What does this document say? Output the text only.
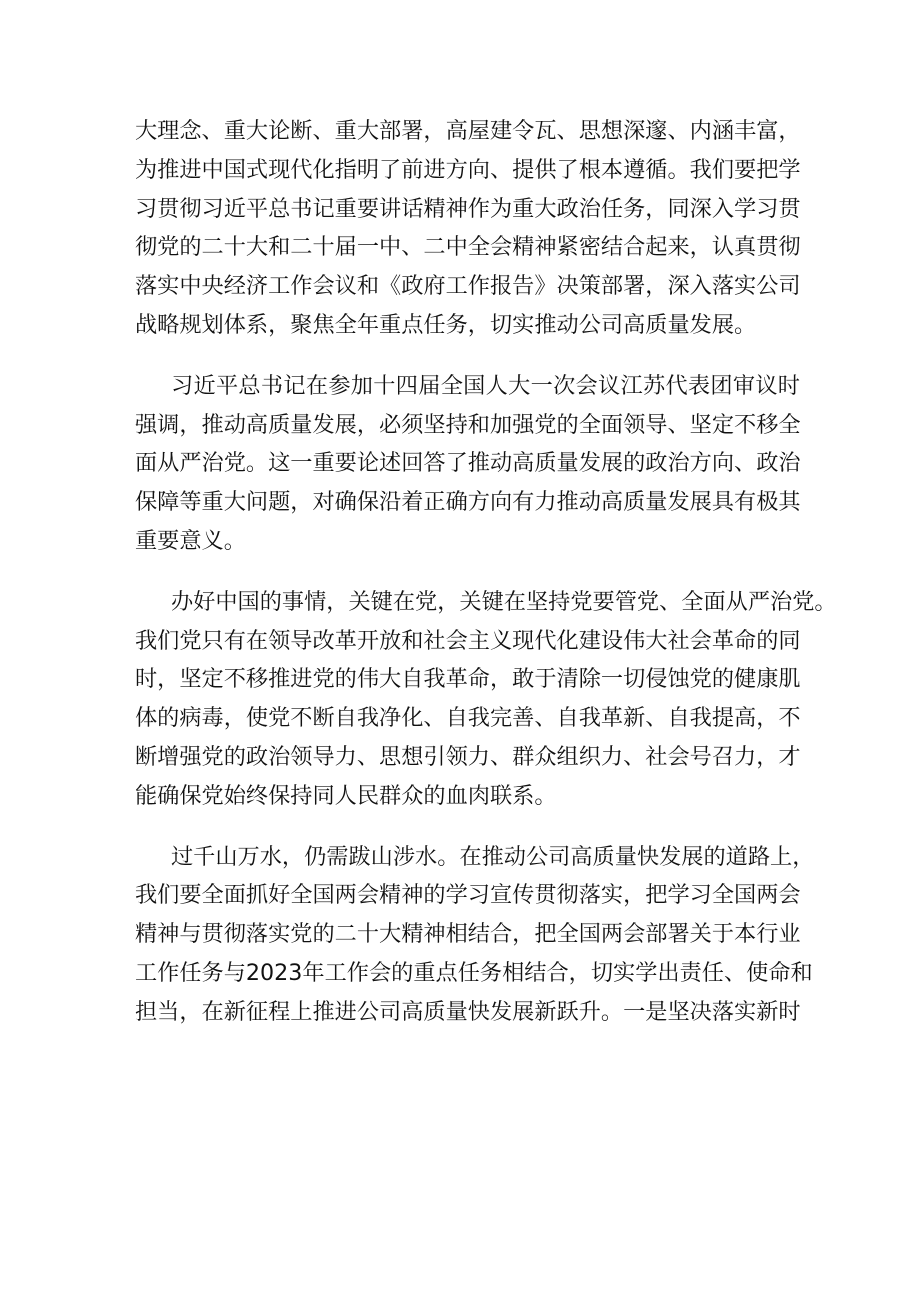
大理念、重大论断、重大部署，高屋建令瓦、思想深邃、内涵丰富，
为推进中国式现代化指明了前进方向、提供了根本遵循。我们要把学
习贯彻习近平总书记重要讲话精神作为重大政治任务，同深入学习贯
彻党的二十大和二十届一中、二中全会精神紧密结合起来，认真贯彻
落实中央经济工作会议和《政府工作报告》决策部署，深入落实公司
战略规划体系，聚焦全年重点任务，切实推动公司高质量发展。
习近平总书记在参加十四届全国人大一次会议江苏代表团审议时
强调，推动高质量发展，必须坚持和加强党的全面领导、坚定不移全
面从严治党。这一重要论述回答了推动高质量发展的政治方向、政治
保障等重大问题，对确保沿着正确方向有力推动高质量发展具有极其
重要意义。
办好中国的事情，关键在党，关键在坚持党要管党、全面从严治党。
我们党只有在领导改革开放和社会主义现代化建设伟大社会革命的同
时，坚定不移推进党的伟大自我革命，敢于清除一切侵蚀党的健康肌
体的病毒，使党不断自我净化、自我完善、自我革新、自我提高，不
断增强党的政治领导力、思想引领力、群众组织力、社会号召力，才
能确保党始终保持同人民群众的血肉联系。
过千山万水，仍需跋山涉水。在推动公司高质量快发展的道路上，
我们要全面抓好全国两会精神的学习宣传贯彻落实，把学习全国两会
精神与贯彻落实党的二十大精神相结合，把全国两会部署关于本行业
工作任务与2023年工作会的重点任务相结合，切实学出责任、使命和
担当，在新征程上推进公司高质量快发展新跃升。一是坚决落实新时
